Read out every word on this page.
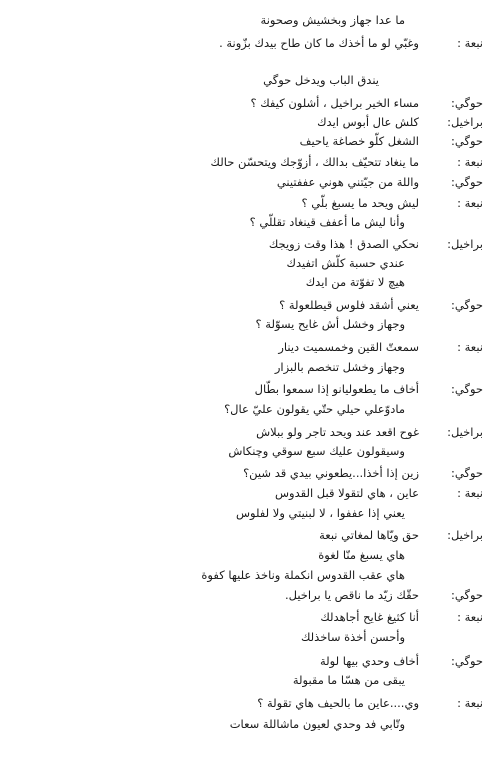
ما عدا جهاز وبخشيش وصحونة
نبعة :
وغبّي لو ما أخذك ما كان طاح بيدك بزّونة .
يندق الباب ويدخل حوگي
حوگي:
مساء الخير براخيل ، أشلون كيفك ؟
براخيل:
كلش عال أبوس ايدك
حوگي:
الشغل كلّو خصاغة ياحيف
نبعة :
ما ينغاد تتحيّف بدالك ، أزوّجك ويتحسّن حالك
حوگي:
واللة من جيّتني هوني عففتيني
نبعة :
ليش ويحد ما يسبغ بلّي ؟
وأنا ليش ما أعفف قينغاد تقللّي ؟
براخيل:
نحكي الصدق ! هذا وقت زويجك
عندي حسبة كلّش اتفيدك
هيچ لا تفوّتة من ايدك
حوگي:
يعني أشقد فلوس قيطلعولة ؟
وجهاز وخشل أش غايح يسوّلة ؟
نبعة :
سمعتّ القين وخمسميت دينار
وجهاز وخشل تنخصم بالبزار
حوگي:
أخاف ما يطعوليانو إذا سمعوا بطّال
مادوّعلي حيلي حتّي يقولون عليّ عال؟
براخيل:
غوح اقعد عند ويحد تاجر ولو ببلاش
وسيقولون عليك سبع سوقي وچنكاش
حوگي:
زين إذا أخذا...يطعوني بيدي قد شين؟
نبعة :
عاين ، هاي لتقولا قبل القدوس
يعني إذا عففوا ، لا لبنيتي ولا لفلوس
براخيل:
حق ويّاها لمغاتي نبعة
هاي يسبغ منّا لغوة
هاي عقب القدوس انكملة وناخذ عليها كفوة
حوگي:
حقّك زيّد ما ناقص يا براخيل.
نبعة :
أنا كثيغ غايح أجاهدلك
وأحسن أخذة ساخذلك
حوگي:
أخاف وحدي بيها لولة
يبقى من هسّا ما مقبولة
نبعة :
وي....عاين ما بالحيف هاي تقولة ؟
وتّابي فد وحدي لعيون ماشاللة سعات
